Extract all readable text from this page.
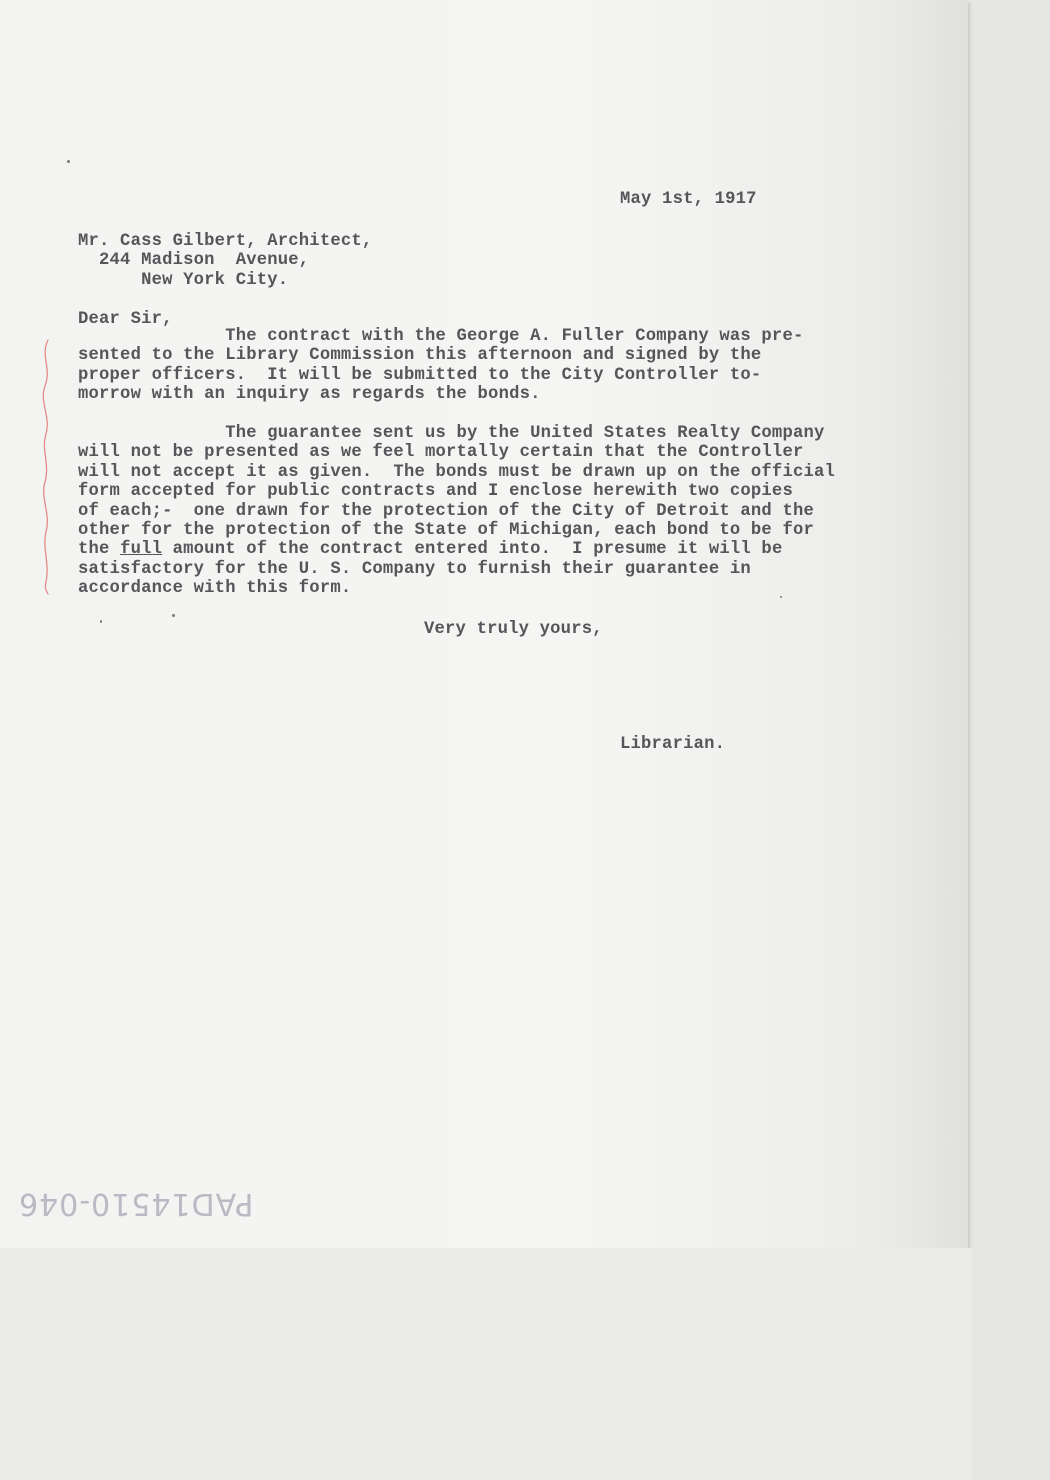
May 1st, 1917
Mr. Cass Gilbert, Architect,
244 Madison  Avenue,
New York City.
Dear Sir,
The contract with the George A. Fuller Company was pre-
sented to the Library Commission this afternoon and signed by the
proper officers.  It will be submitted to the City Controller to-
morrow with an inquiry as regards the bonds.
The guarantee sent us by the United States Realty Company
will not be presented as we feel mortally certain that the Controller
will not accept it as given.  The bonds must be drawn up on the official
form accepted for public contracts and I enclose herewith two copies
of each;-  one drawn for the protection of the City of Detroit and the
other for the protection of the State of Michigan, each bond to be for
the full amount of the contract entered into.  I presume it will be
satisfactory for the U. S. Company to furnish their guarantee in
accordance with this form.
Very truly yours,
Librarian.
PAD14510-046
